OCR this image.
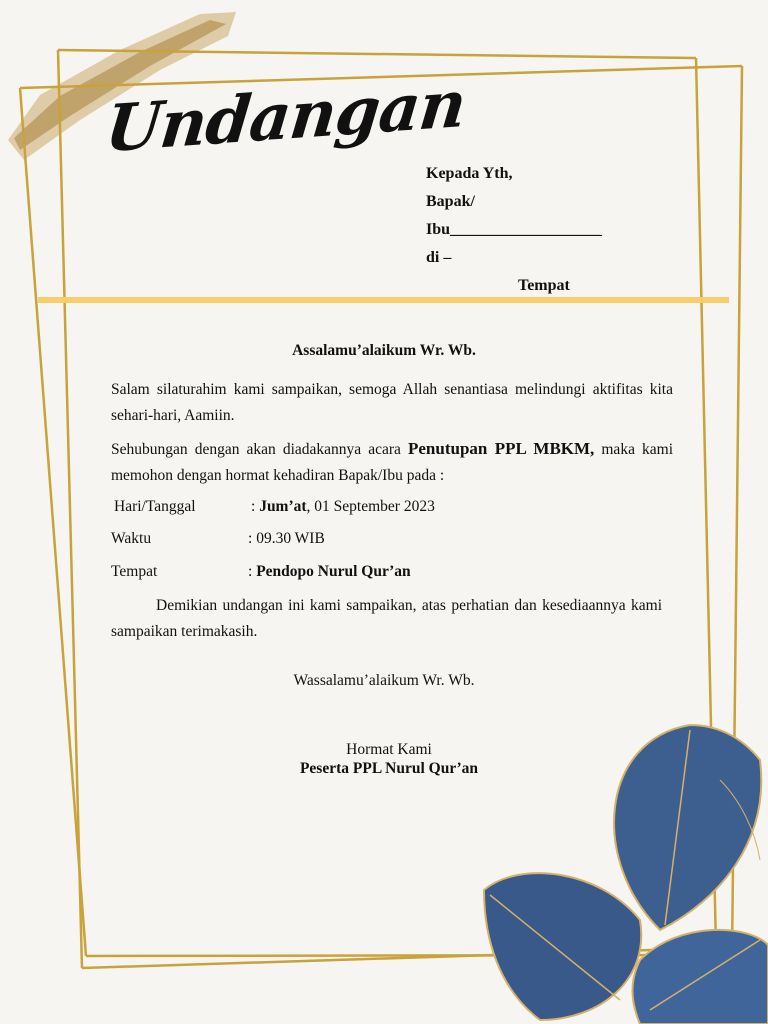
Undangan
Kepada Yth,
Bapak/
Ibu___________________
di –
Tempat
Assalamu’alaikum Wr. Wb.
Salam silaturahim kami sampaikan, semoga Allah senantiasa melindungi aktifitas kita sehari-hari, Aamiin.
Sehubungan dengan akan diadakannya acara Penutupan PPL MBKM, maka kami memohon dengan hormat kehadiran Bapak/Ibu pada :
Hari/Tanggal	: Jum’at, 01 September 2023
Waktu	: 09.30 WIB
Tempat	: Pendopo Nurul Qur’an
Demikian undangan ini kami sampaikan, atas perhatian dan kesediaannya kami sampaikan terimakasih.
Wassalamu’alaikum Wr. Wb.
Hormat Kami
Peserta PPL Nurul Qur’an
